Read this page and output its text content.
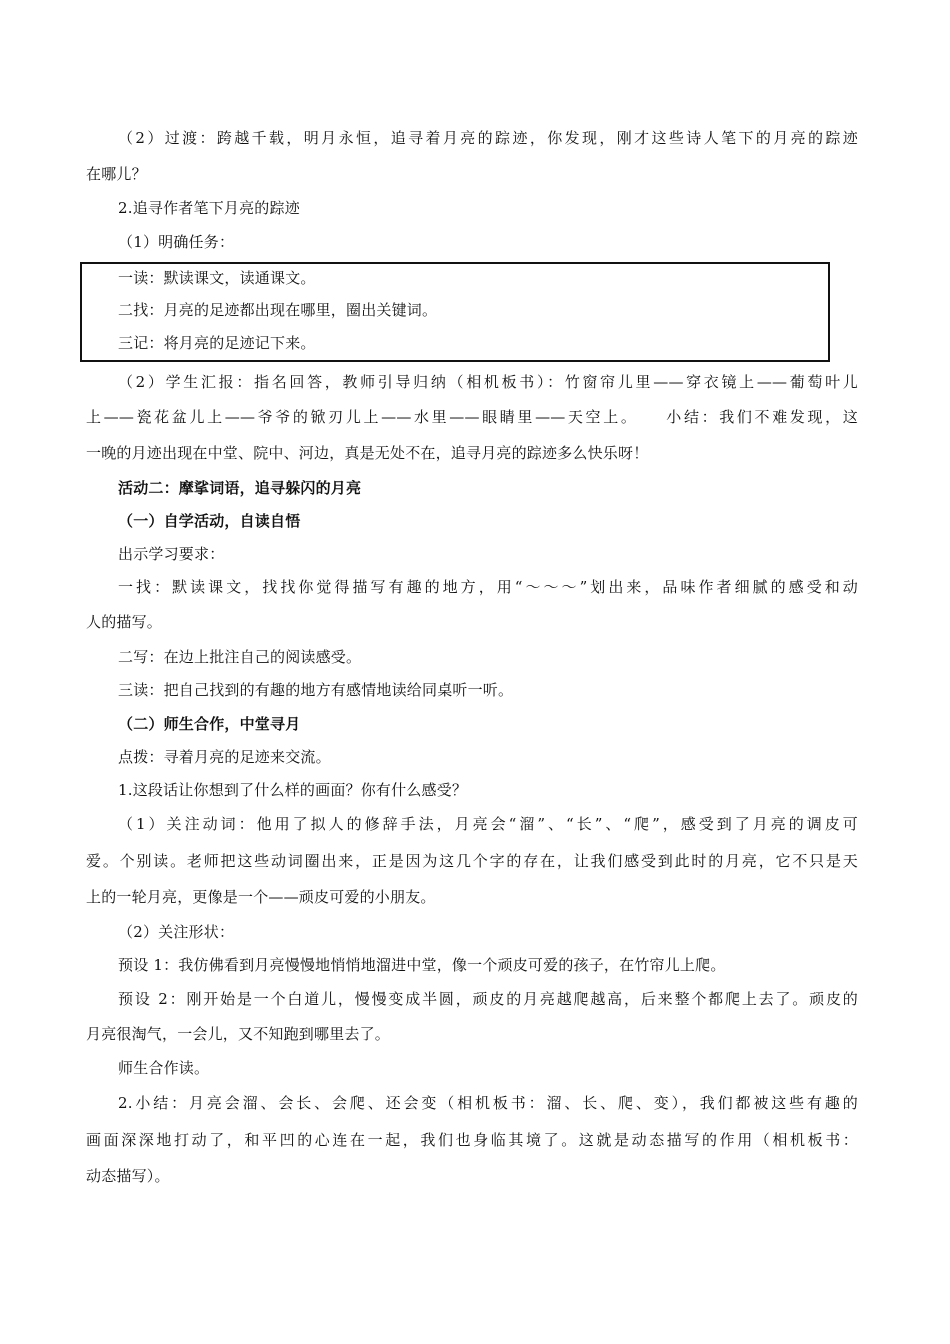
（2）过渡：跨越千载，明月永恒，追寻着月亮的踪迹，你发现，刚才这些诗人笔下的月亮的踪迹
在哪儿？
2.追寻作者笔下月亮的踪迹
（1）明确任务：
一读：默读课文，读通课文。
二找：月亮的足迹都出现在哪里，圈出关键词。
三记：将月亮的足迹记下来。
（2）学生汇报：指名回答，教师引导归纳（相机板书）：竹窗帘儿里——穿衣镜上——葡萄叶儿
上——瓷花盆儿上——爷爷的锨刃儿上——水里——眼睛里——天空上。　　小结：我们不难发现，这
一晚的月迹出现在中堂、院中、河边，真是无处不在，追寻月亮的踪迹多么快乐呀！
活动二：摩挲词语，追寻躲闪的月亮
（一）自学活动，自读自悟
出示学习要求：
一找：默读课文，找找你觉得描写有趣的地方，用“～～～”划出来，品味作者细腻的感受和动
人的描写。
二写：在边上批注自己的阅读感受。
三读：把自己找到的有趣的地方有感情地读给同桌听一听。
（二）师生合作，中堂寻月
点拨：寻着月亮的足迹来交流。
1.这段话让你想到了什么样的画面？你有什么感受？
（1）关注动词：他用了拟人的修辞手法，月亮会“溜”、“长”、“爬”，感受到了月亮的调皮可
爱。个别读。老师把这些动词圈出来，正是因为这几个字的存在，让我们感受到此时的月亮，它不只是天
上的一轮月亮，更像是一个——顽皮可爱的小朋友。
（2）关注形状：
预设 1：我仿佛看到月亮慢慢地悄悄地溜进中堂，像一个顽皮可爱的孩子，在竹帘儿上爬。
预设 2：刚开始是一个白道儿，慢慢变成半圆，顽皮的月亮越爬越高，后来整个都爬上去了。顽皮的
月亮很淘气，一会儿，又不知跑到哪里去了。
师生合作读。
2.小结：月亮会溜、会长、会爬、还会变（相机板书：溜、长、爬、变），我们都被这些有趣的
画面深深地打动了，和平凹的心连在一起，我们也身临其境了。这就是动态描写的作用（相机板书：
动态描写）。
